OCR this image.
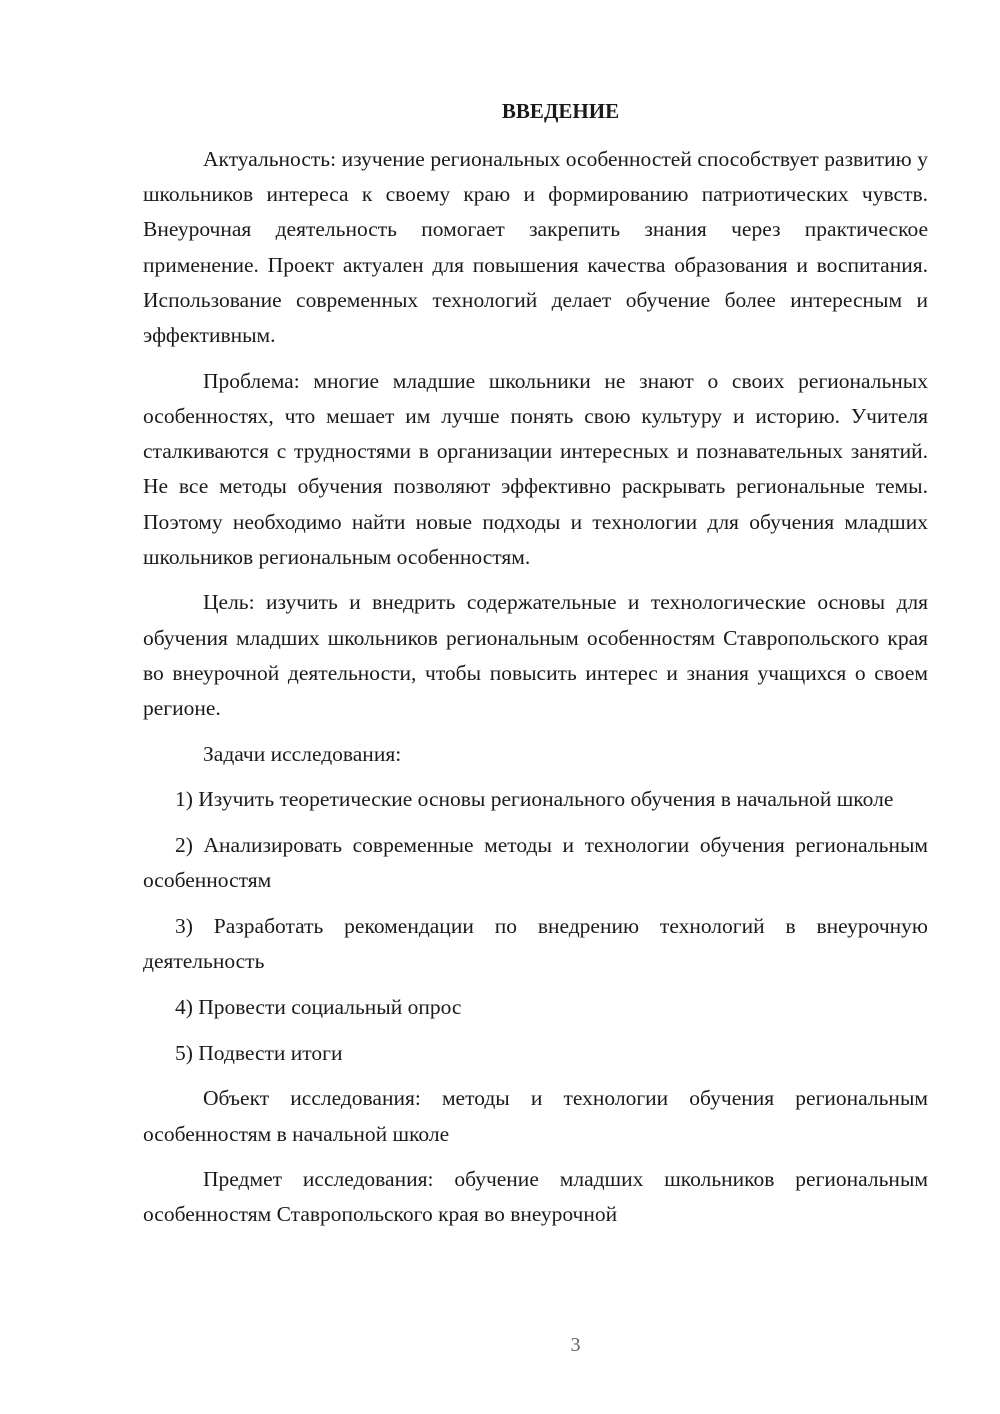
ВВЕДЕНИЕ

Актуальность: изучение региональных особенностей способствует развитию у школьников интереса к своему краю и формированию патриотических чувств. Внеурочная деятельность помогает закрепить знания через практическое применение. Проект актуален для повышения качества образования и воспитания. Использование современных технологий делает обучение более интересным и эффективным.

Проблема: многие младшие школьники не знают о своих региональных особенностях, что мешает им лучше понять свою культуру и историю. Учителя сталкиваются с трудностями в организации интересных и познавательных занятий. Не все методы обучения позволяют эффективно раскрывать региональные темы. Поэтому необходимо найти новые подходы и технологии для обучения младших школьников региональным особенностям.

Цель: изучить и внедрить содержательные и технологические основы для обучения младших школьников региональным особенностям Ставропольского края во внеурочной деятельности, чтобы повысить интерес и знания учащихся о своем регионе.

Задачи исследования:

1) Изучить теоретические основы регионального обучения в начальной школе

2) Анализировать современные методы и технологии обучения региональным особенностям

3) Разработать рекомендации по внедрению технологий в внеурочную деятельность

4) Провести социальный опрос

5) Подвести итоги

Объект исследования: методы и технологии обучения региональным особенностям в начальной школе

Предмет исследования: обучение младших школьников региональным особенностям Ставропольского края во внеурочной

3
